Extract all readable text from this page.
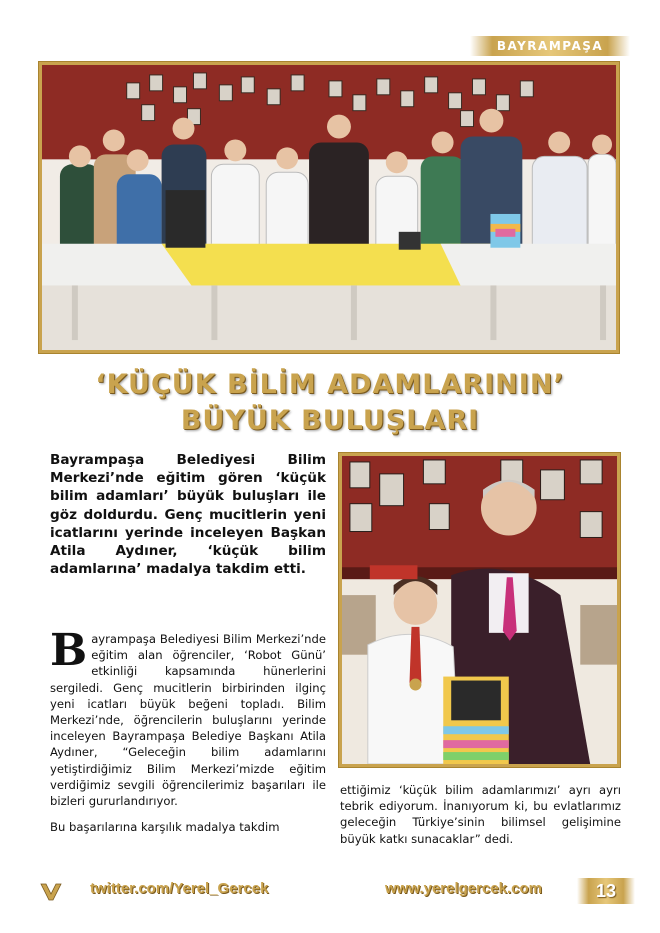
BAYRAMPAŞA
‘KÜÇÜK BİLİM ADAMLARININ’
BÜYÜK BULUŞLARI
Bayrampaşa Belediyesi Bilim Merkezi’nde eğitim gören ‘küçük bilim adamları’ büyük buluşları ile göz doldurdu. Genç mucitlerin yeni icatlarını yerinde inceleyen Başkan Atila Aydıner, ‘küçük bilim adamlarına’ madalya takdim etti.

B ayrampaşa Belediyesi Bilim Merkezi’nde eğitim alan öğrenciler, ‘Robot Günü’ etkinliği kapsamında hünerlerini sergiledi. Genç mucitlerin birbirinden ilginç yeni icatları büyük beğeni topladı. Bilim Merkezi’nde, öğrencilerin buluşlarını yerinde inceleyen Bayrampaşa Belediye Başkanı Atila Aydıner, “Geleceğin bilim adamlarını yetiştirdiğimiz Bilim Merkezi’mizde eğitim verdiğimiz sevgili öğrencilerimiz başarıları ile bizleri gururlandırıyor.

Bu başarılarına karşılık madalya takdim

ettiğimiz ‘küçük bilim adamlarımızı’ ayrı ayrı tebrik ediyorum. İnanıyorum ki, bu evlatlarımız geleceğin Türkiye’sinin bilimsel gelişimine büyük katkı sunacaklar” dedi.

twitter.com/Yerel_Gercek	www.yerelgercek.com	13
